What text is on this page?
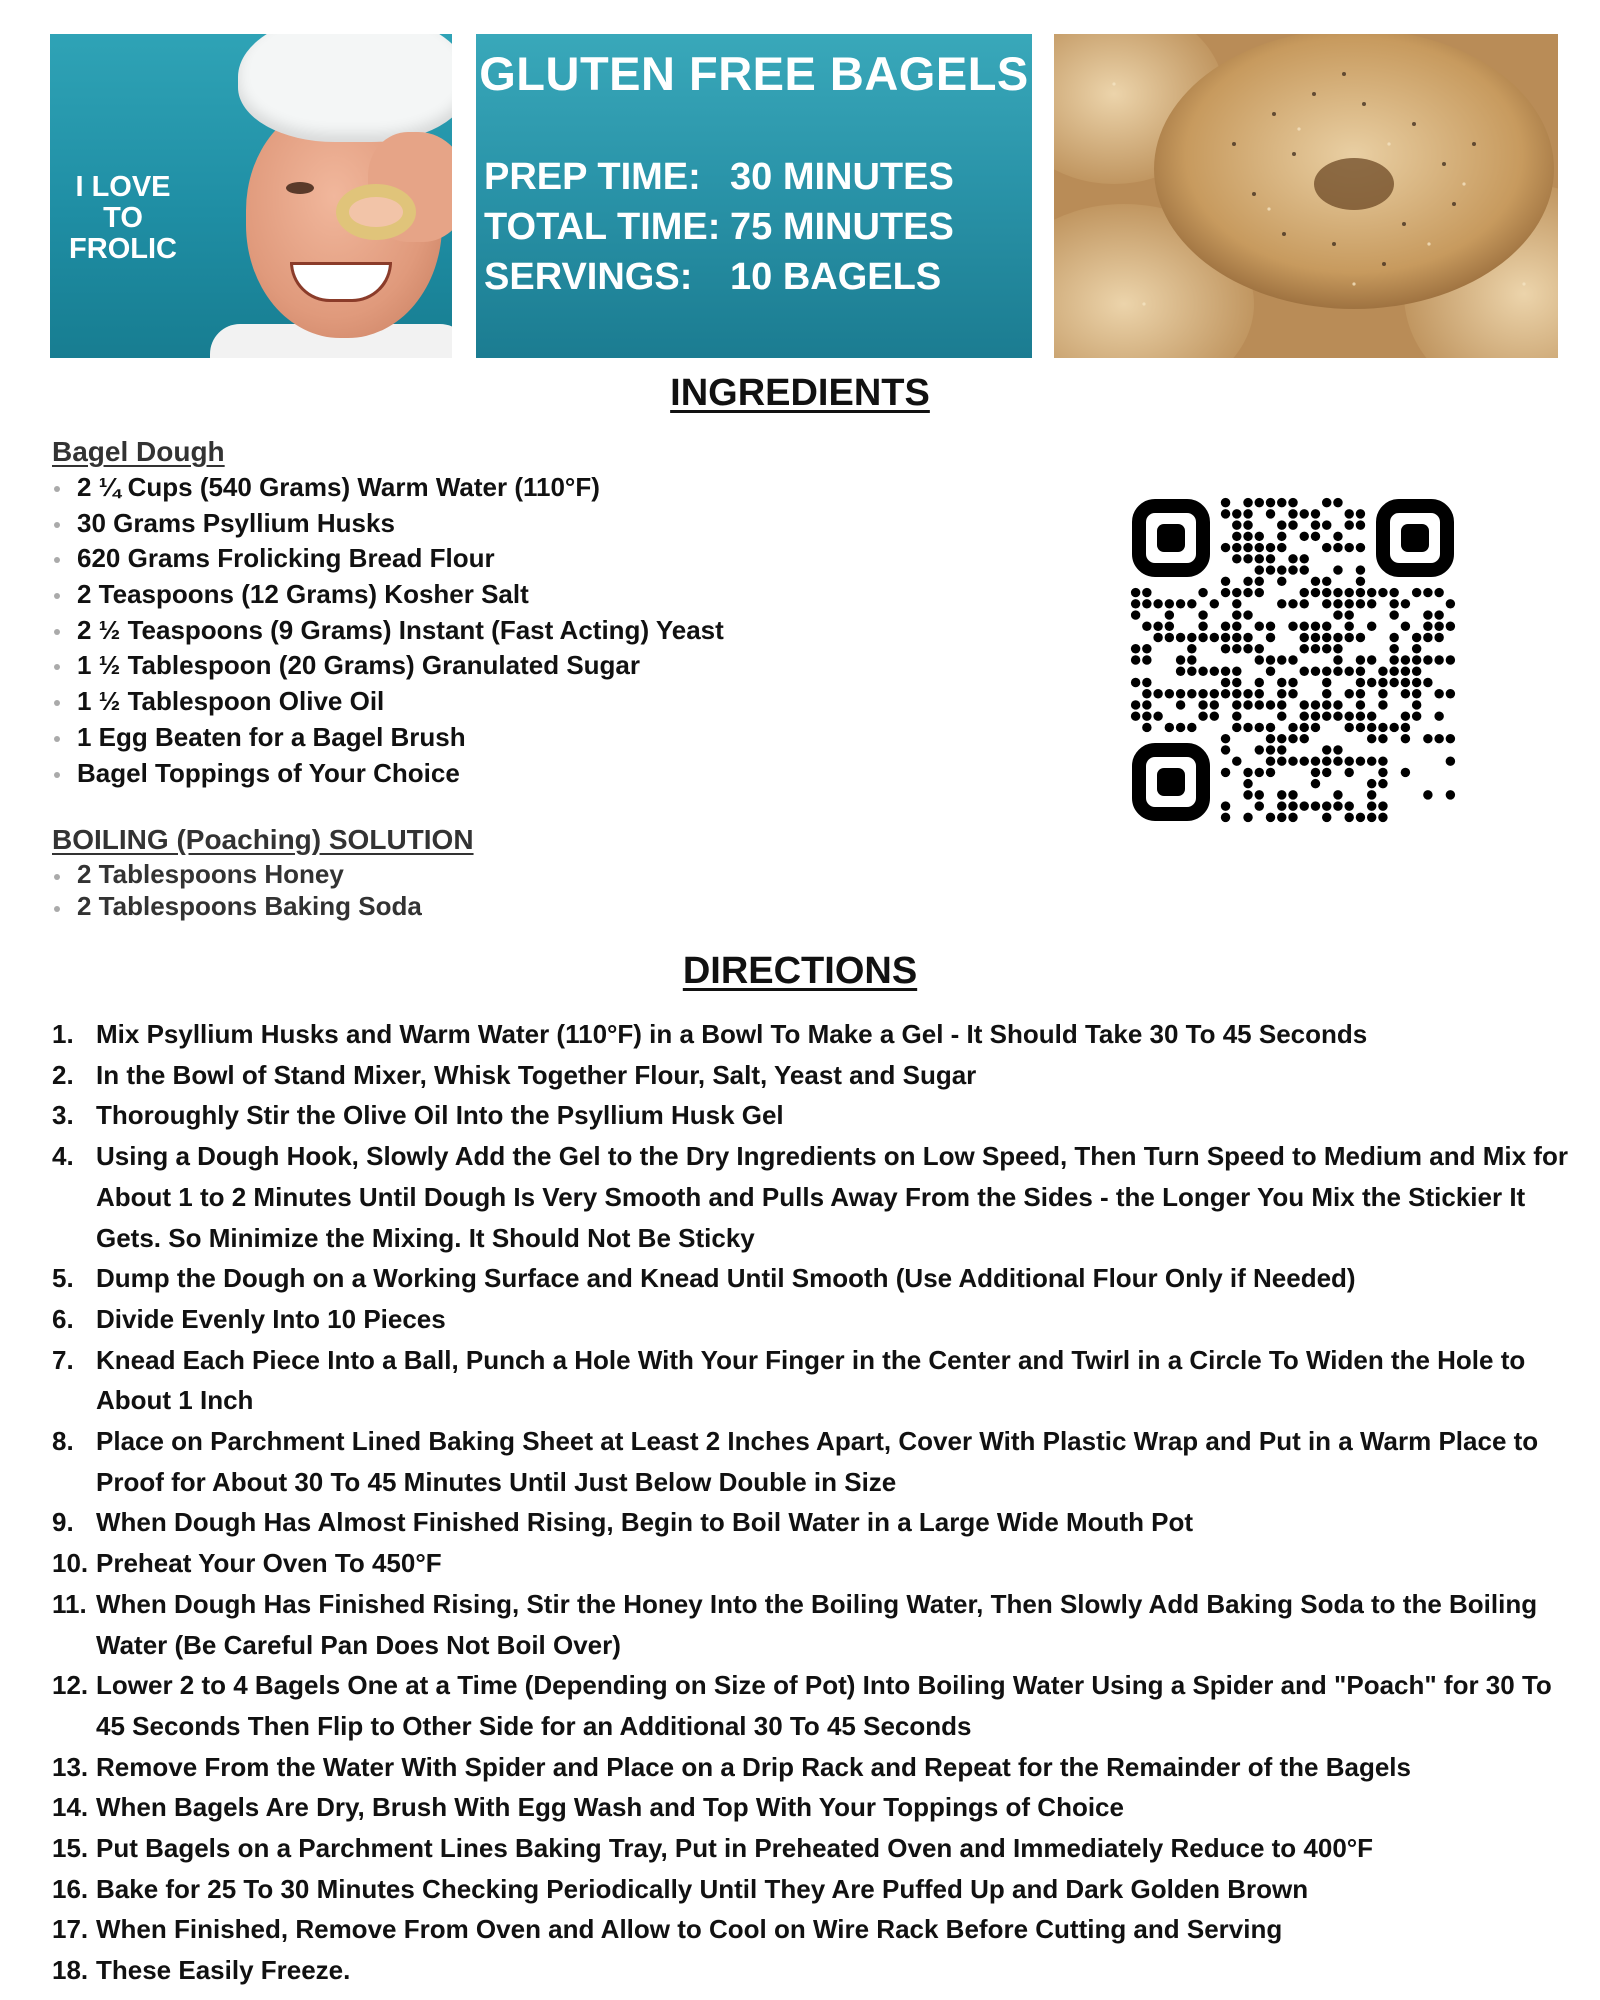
I LOVE
TO
FROLIC
GLUTEN FREE BAGELS
PREP TIME: 30 MINUTES
TOTAL TIME: 75 MINUTES
SERVINGS: 10 BAGELS
INGREDIENTS
Bagel Dough
2 ¼ Cups (540 Grams) Warm Water (110°F)
30 Grams Psyllium Husks
620 Grams Frolicking Bread Flour
2 Teaspoons (12 Grams) Kosher Salt
2 ½ Teaspoons (9 Grams) Instant (Fast Acting) Yeast
1 ½ Tablespoon (20 Grams) Granulated Sugar
1 ½ Tablespoon Olive Oil
1 Egg Beaten for a Bagel Brush
Bagel Toppings of Your Choice
BOILING (Poaching) SOLUTION
2 Tablespoons Honey
2 Tablespoons Baking Soda
DIRECTIONS
1. Mix Psyllium Husks and Warm Water (110°F) in a Bowl To Make a Gel - It Should Take 30 To 45 Seconds
2. In the Bowl of Stand Mixer, Whisk Together Flour, Salt, Yeast and Sugar
3. Thoroughly Stir the Olive Oil Into the Psyllium Husk Gel
4. Using a Dough Hook, Slowly Add the Gel to the Dry Ingredients on Low Speed, Then Turn Speed to Medium and Mix for About 1 to 2 Minutes Until Dough Is Very Smooth and Pulls Away From the Sides - the Longer You Mix the Stickier It Gets. So Minimize the Mixing. It Should Not Be Sticky
5. Dump the Dough on a Working Surface and Knead Until Smooth (Use Additional Flour Only if Needed)
6. Divide Evenly Into 10 Pieces
7. Knead Each Piece Into a Ball, Punch a Hole With Your Finger in the Center and Twirl in a Circle To Widen the Hole to About 1 Inch
8. Place on Parchment Lined Baking Sheet at Least 2 Inches Apart, Cover With Plastic Wrap and Put in a Warm Place to Proof for About 30 To 45 Minutes Until Just Below Double in Size
9. When Dough Has Almost Finished Rising, Begin to Boil Water in a Large Wide Mouth Pot
10. Preheat Your Oven To 450°F
11. When Dough Has Finished Rising, Stir the Honey Into the Boiling Water, Then Slowly Add Baking Soda to the Boiling Water (Be Careful Pan Does Not Boil Over)
12. Lower 2 to 4 Bagels One at a Time (Depending on Size of Pot) Into Boiling Water Using a Spider and "Poach" for 30 To 45 Seconds Then Flip to Other Side for an Additional 30 To 45 Seconds
13. Remove From the Water With Spider and Place on a Drip Rack and Repeat for the Remainder of the Bagels
14. When Bagels Are Dry, Brush With Egg Wash and Top With Your Toppings of Choice
15. Put Bagels on a Parchment Lines Baking Tray, Put in Preheated Oven and Immediately Reduce to 400°F
16. Bake for 25 To 30 Minutes Checking Periodically Until They Are Puffed Up and Dark Golden Brown
17. When Finished, Remove From Oven and Allow to Cool on Wire Rack Before Cutting and Serving
18. These Easily Freeze.
